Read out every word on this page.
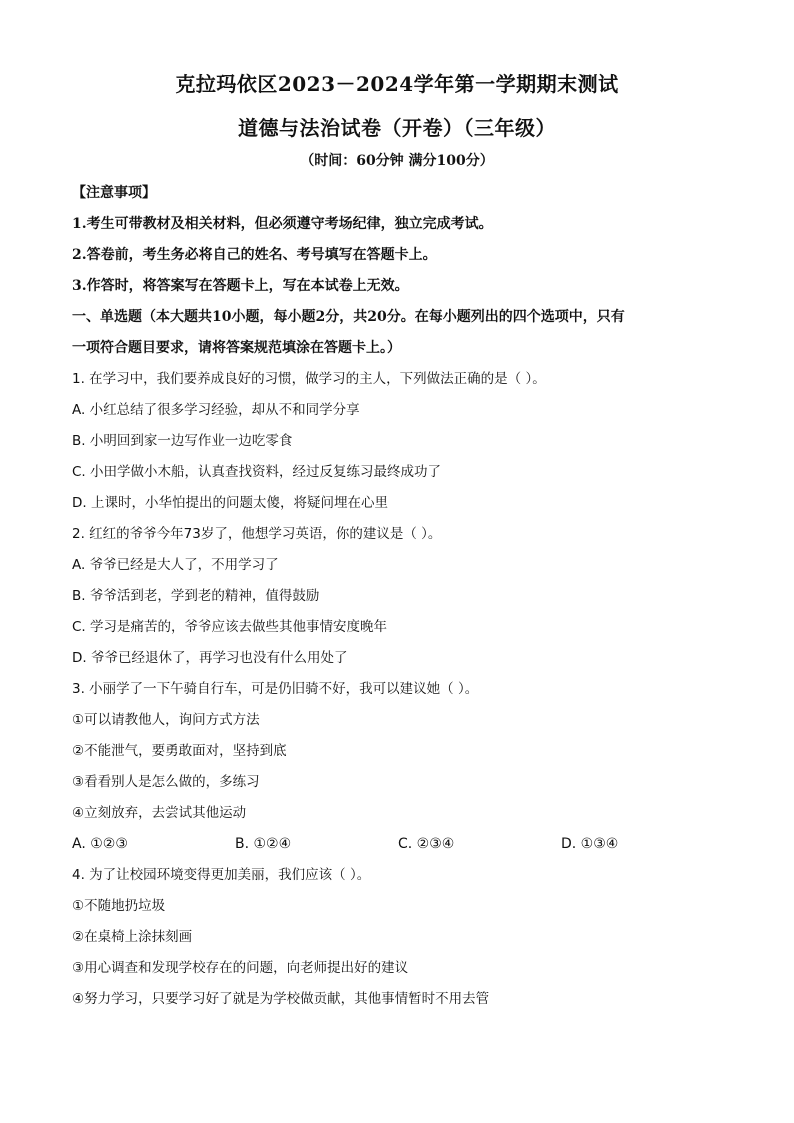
克拉玛依区2023－2024学年第一学期期末测试
道德与法治试卷（开卷）（三年级）
（时间：60分钟 满分100分）
【注意事项】
1.考生可带教材及相关材料，但必须遵守考场纪律，独立完成考试。
2.答卷前，考生务必将自己的姓名、考号填写在答题卡上。
3.作答时，将答案写在答题卡上，写在本试卷上无效。
一、单选题（本大题共10小题，每小题2分，共20分。在每小题列出的四个选项中，只有
一项符合题目要求，请将答案规范填涂在答题卡上。）
1. 在学习中，我们要养成良好的习惯，做学习的主人，下列做法正确的是（ ）。
A. 小红总结了很多学习经验，却从不和同学分享
B. 小明回到家一边写作业一边吃零食
C. 小田学做小木船，认真查找资料，经过反复练习最终成功了
D. 上课时，小华怕提出的问题太傻，将疑问埋在心里
2. 红红的爷爷今年73岁了，他想学习英语，你的建议是（ ）。
A. 爷爷已经是大人了，不用学习了
B. 爷爷活到老，学到老的精神，值得鼓励
C. 学习是痛苦的，爷爷应该去做些其他事情安度晚年
D. 爷爷已经退休了，再学习也没有什么用处了
3. 小丽学了一下午骑自行车，可是仍旧骑不好，我可以建议她（ ）。
①可以请教他人，询问方式方法
②不能泄气，要勇敢面对，坚持到底
③看看别人是怎么做的，多练习
④立刻放弃，去尝试其他运动
A. ①②③	B. ①②④	C. ②③④	D. ①③④
4. 为了让校园环境变得更加美丽，我们应该（ ）。
①不随地扔垃圾
②在桌椅上涂抹刻画
③用心调查和发现学校存在的问题，向老师提出好的建议
④努力学习，只要学习好了就是为学校做贡献，其他事情暂时不用去管
